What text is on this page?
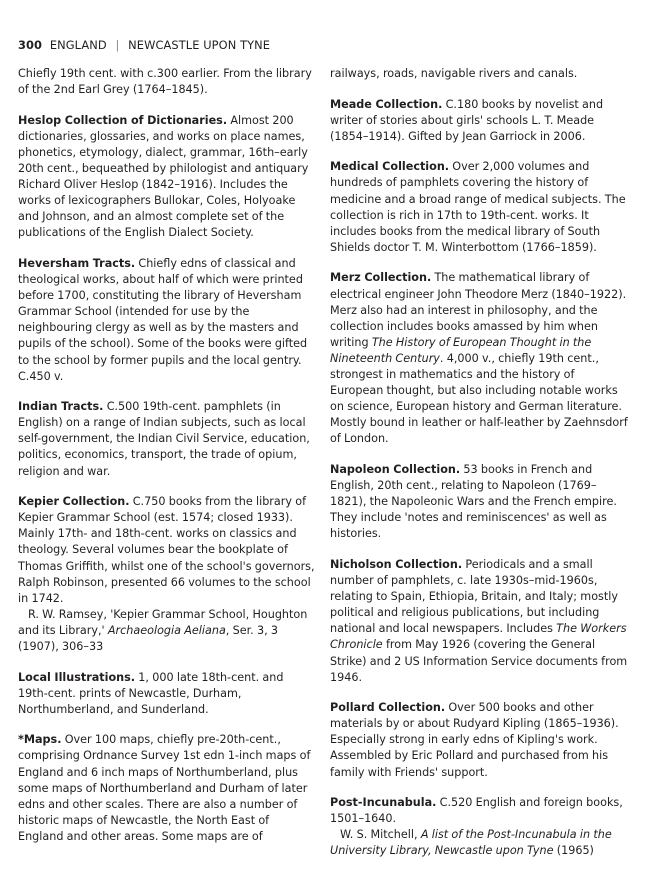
300 ENGLAND | NEWCASTLE UPON TYNE
Chiefly 19th cent. with c.300 earlier. From the library of the 2nd Earl Grey (1764–1845).
Heslop Collection of Dictionaries. Almost 200 dictionaries, glossaries, and works on place names, phonetics, etymology, dialect, grammar, 16th–early 20th cent., bequeathed by philologist and antiquary Richard Oliver Heslop (1842–1916). Includes the works of lexicographers Bullokar, Coles, Holyoake and Johnson, and an almost complete set of the publications of the English Dialect Society.
Heversham Tracts. Chiefly edns of classical and theological works, about half of which were printed before 1700, constituting the library of Heversham Grammar School (intended for use by the neighbouring clergy as well as by the masters and pupils of the school). Some of the books were gifted to the school by former pupils and the local gentry. C.450 v.
Indian Tracts. C.500 19th-cent. pamphlets (in English) on a range of Indian subjects, such as local self-government, the Indian Civil Service, education, politics, economics, transport, the trade of opium, religion and war.
Kepier Collection. C.750 books from the library of Kepier Grammar School (est. 1574; closed 1933). Mainly 17th- and 18th-cent. works on classics and theology. Several volumes bear the bookplate of Thomas Griffith, whilst one of the school's governors, Ralph Robinson, presented 66 volumes to the school in 1742.
R. W. Ramsey, 'Kepier Grammar School, Houghton and its Library,' Archaeologia Aeliana, Ser. 3, 3 (1907), 306–33
Local Illustrations. 1, 000 late 18th-cent. and 19th-cent. prints of Newcastle, Durham, Northumberland, and Sunderland.
*Maps. Over 100 maps, chiefly pre-20th-cent., comprising Ordnance Survey 1st edn 1-inch maps of England and 6 inch maps of Northumberland, plus some maps of Northumberland and Durham of later edns and other scales. There are also a number of historic maps of Newcastle, the North East of England and other areas. Some maps are of
railways, roads, navigable rivers and canals.
Meade Collection. C.180 books by novelist and writer of stories about girls' schools L. T. Meade (1854–1914). Gifted by Jean Garriock in 2006.
Medical Collection. Over 2,000 volumes and hundreds of pamphlets covering the history of medicine and a broad range of medical subjects. The collection is rich in 17th to 19th-cent. works. It includes books from the medical library of South Shields doctor T. M. Winterbottom (1766–1859).
Merz Collection. The mathematical library of electrical engineer John Theodore Merz (1840–1922). Merz also had an interest in philosophy, and the collection includes books amassed by him when writing The History of European Thought in the Nineteenth Century. 4,000 v., chiefly 19th cent., strongest in mathematics and the history of European thought, but also including notable works on science, European history and German literature. Mostly bound in leather or half-leather by Zaehnsdorf of London.
Napoleon Collection. 53 books in French and English, 20th cent., relating to Napoleon (1769–1821), the Napoleonic Wars and the French empire. They include 'notes and reminiscences' as well as histories.
Nicholson Collection. Periodicals and a small number of pamphlets, c. late 1930s–mid-1960s, relating to Spain, Ethiopia, Britain, and Italy; mostly political and religious publications, but including national and local newspapers. Includes The Workers Chronicle from May 1926 (covering the General Strike) and 2 US Information Service documents from 1946.
Pollard Collection. Over 500 books and other materials by or about Rudyard Kipling (1865–1936). Especially strong in early edns of Kipling's work. Assembled by Eric Pollard and purchased from his family with Friends' support.
Post-Incunabula. C.520 English and foreign books, 1501–1640.
W. S. Mitchell, A list of the Post-Incunabula in the University Library, Newcastle upon Tyne (1965)
